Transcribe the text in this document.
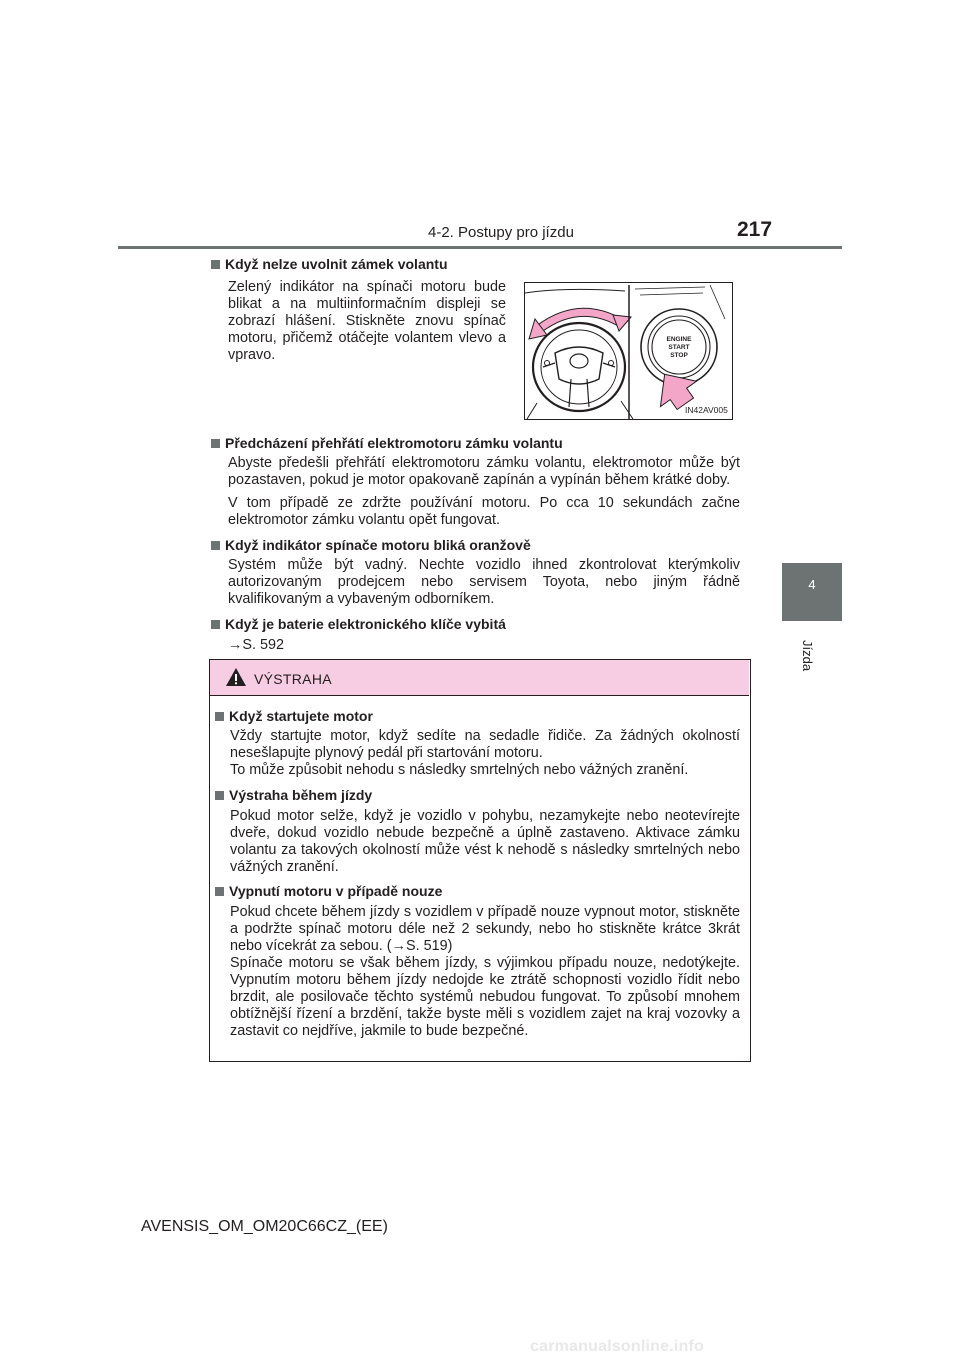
4-2. Postupy pro jízdu	217
4
Jízda
Když nelze uvolnit zámek volantu
Zelený indikátor na spínači motoru bude blikat a na multiinformačním displeji se zobrazí hlášení. Stiskněte znovu spínač motoru, přičemž otáčejte volantem vlevo a vpravo.
ENGINE
START
STOP
IN42AV005
Předcházení přehřátí elektromotoru zámku volantu
Abyste předešli přehřátí elektromotoru zámku volantu, elektromotor může být pozastaven, pokud je motor opakovaně zapínán a vypínán během krátké doby.
V tom případě ze zdržte používání motoru. Po cca 10 sekundách začne elektromotor zámku volantu opět fungovat.
Když indikátor spínače motoru bliká oranžově
Systém může být vadný. Nechte vozidlo ihned zkontrolovat kterýmkoliv autorizovaným prodejcem nebo servisem Toyota, nebo jiným řádně kvalifikovaným a vybaveným odborníkem.
Když je baterie elektronického klíče vybitá
→S. 592
VÝSTRAHA
Když startujete motor
Vždy startujte motor, když sedíte na sedadle řidiče. Za žádných okolností nesešlapujte plynový pedál při startování motoru.
To může způsobit nehodu s následky smrtelných nebo vážných zranění.
Výstraha během jízdy
Pokud motor selže, když je vozidlo v pohybu, nezamykejte nebo neotevírejte dveře, dokud vozidlo nebude bezpečně a úplně zastaveno. Aktivace zámku volantu za takových okolností může vést k nehodě s následky smrtelných nebo vážných zranění.
Vypnutí motoru v případě nouze
Pokud chcete během jízdy s vozidlem v případě nouze vypnout motor, stiskněte a podržte spínač motoru déle než 2 sekundy, nebo ho stiskněte krátce 3krát nebo vícekrát za sebou. (→S. 519)
Spínače motoru se však během jízdy, s výjimkou případu nouze, nedotýkejte. Vypnutím motoru během jízdy nedojde ke ztrátě schopnosti vozidlo řídit nebo brzdit, ale posilovače těchto systémů nebudou fungovat. To způsobí mnohem obtížnější řízení a brzdění, takže byste měli s vozidlem zajet na kraj vozovky a zastavit co nejdříve, jakmile to bude bezpečné.
AVENSIS_OM_OM20C66CZ_(EE)
carmanualsonline.info
